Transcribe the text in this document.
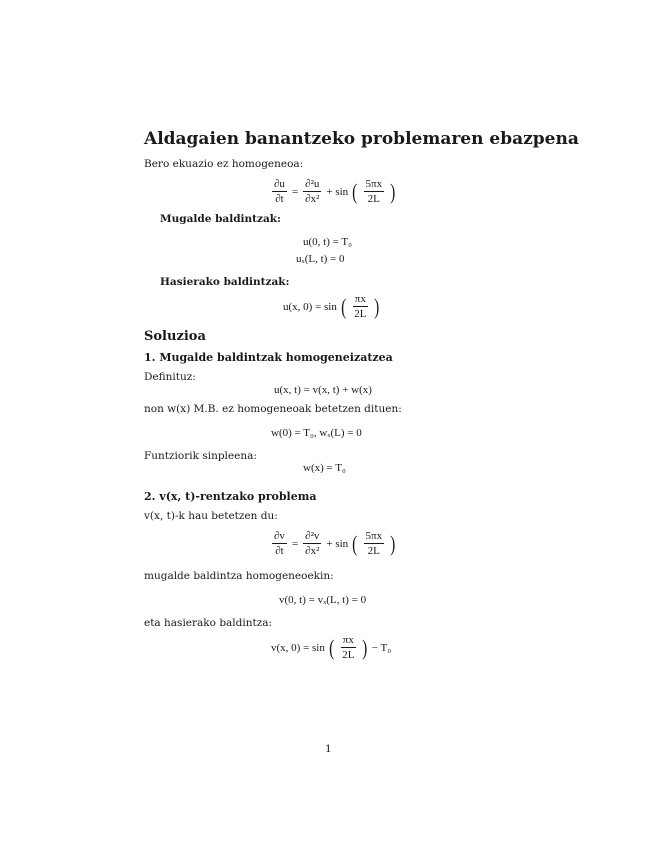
Aldagaien banantzeko problemaren ebazpena
Bero ekuazio ez homogeneoa:
$\frac{\partial u}{\partial t} = \frac{\text{∂²u}}{\text{∂x²}} + \sin$ ( $\frac{5\pi x}{2L}$ )
Mugalde baldintzak:
u(0, t) = T₀
uₓ(L, t) = 0
Hasierako baldintzak:
u(x, 0) = sin ( $\frac{\pi x}{2L}$ )
Soluzioa
1. Mugalde baldintzak homogeneizatzea
Definituz:
u(x, t) = v(x, t) + w(x)
non w(x) M.B. ez homogeneoak betetzen dituen:
w(0) = T₀, wₓ(L) = 0
Funtziorik sinpleena:
w(x) = T₀
2. v(x, t)-rentzako problema
v(x, t)-k hau betetzen du:
$\frac{\partial v}{\partial t} = \frac{\text{∂²v}}{\text{∂x²}} + \sin$ ( $\frac{5\pi x}{2L}$ )
mugalde baldintza homogeneoekin:
v(0, t) = vₓ(L, t) = 0
eta hasierako baldintza:
v(x, 0) = sin ( $\frac{\pi x}{2L}$ ) − T₀
1
